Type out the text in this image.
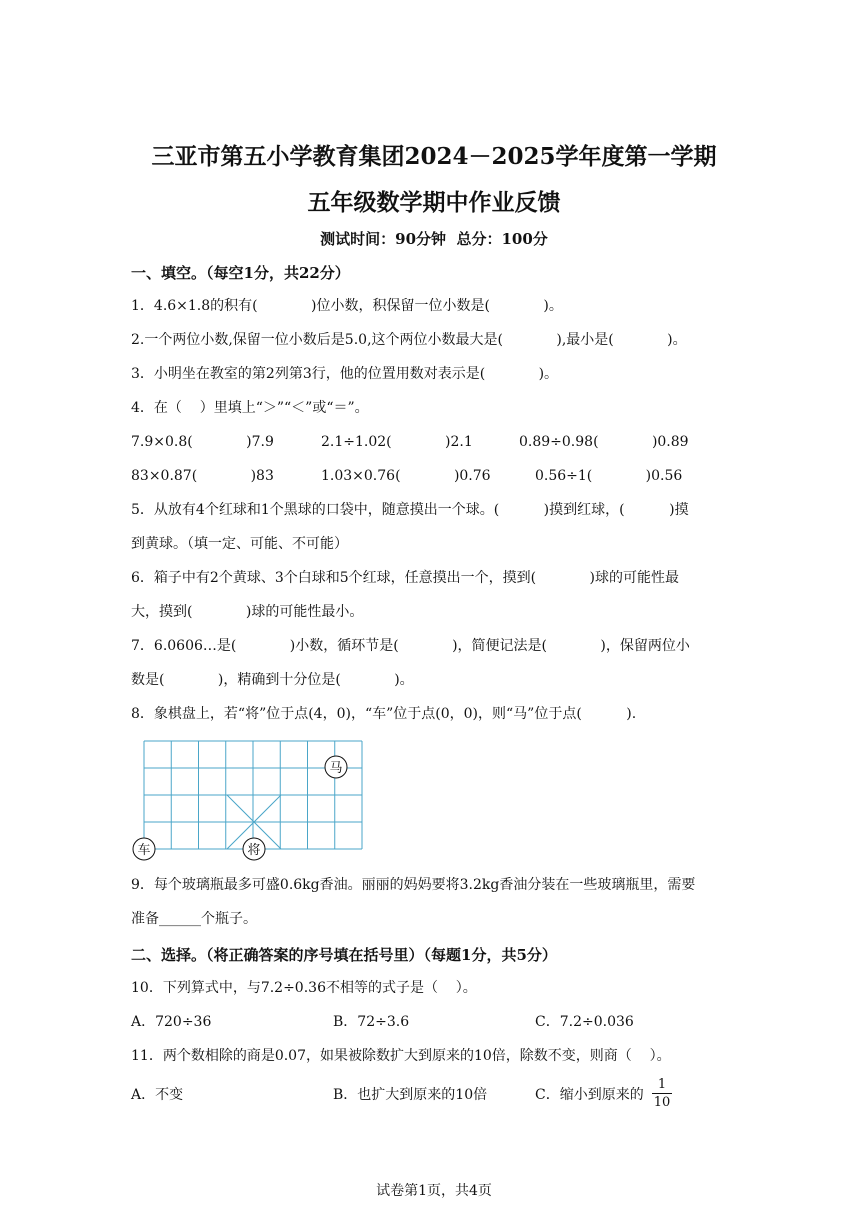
三亚市第五小学教育集团2024－2025学年度第一学期
五年级数学期中作业反馈
测试时间：90分钟  总分：100分
一、填空。（每空1分，共22分）
1．4.6×1.8的积有(            )位小数，积保留一位小数是(            )。
2.一个两位小数,保留一位小数后是5.0,这个两位小数最大是(            ),最小是(            )。
3．小明坐在教室的第2列第3行，他的位置用数对表示是(            )。
4．在（    ）里填上“＞”“＜”或“＝”。
7.9×0.8(            )7.9	2.1÷1.02(            )2.1	0.89÷0.98(            )0.89
83×0.87(            )83	1.03×0.76(            )0.76	0.56÷1(            )0.56
5．从放有4个红球和1个黑球的口袋中，随意摸出一个球。(          )摸到红球，(          )摸
到黄球。（填一定、可能、不可能）
6．箱子中有2个黄球、3个白球和5个红球，任意摸出一个，摸到(            )球的可能性最
大，摸到(            )球的可能性最小。
7．6.0606…是(            )小数，循环节是(            )，简便记法是(            )，保留两位小
数是(            )，精确到十分位是(            )。
8．象棋盘上，若“将”位于点(4，0)，“车”位于点(0，0)，则“马”位于点(          ).
马
车	将
9．每个玻璃瓶最多可盛0.6kg香油。丽丽的妈妈要将3.2kg香油分装在一些玻璃瓶里，需要
准备______个瓶子。
二、选择。（将正确答案的序号填在括号里）（每题1分，共5分）
10．下列算式中，与7.2÷0.36不相等的式子是（    ）。
A．720÷36	B．72÷3.6	C．7.2÷0.036
11．两个数相除的商是0.07，如果被除数扩大到原来的10倍，除数不变，则商（    ）。
A．不变	B．也扩大到原来的10倍	C．缩小到原来的
1
10
试卷第1页，共4页
